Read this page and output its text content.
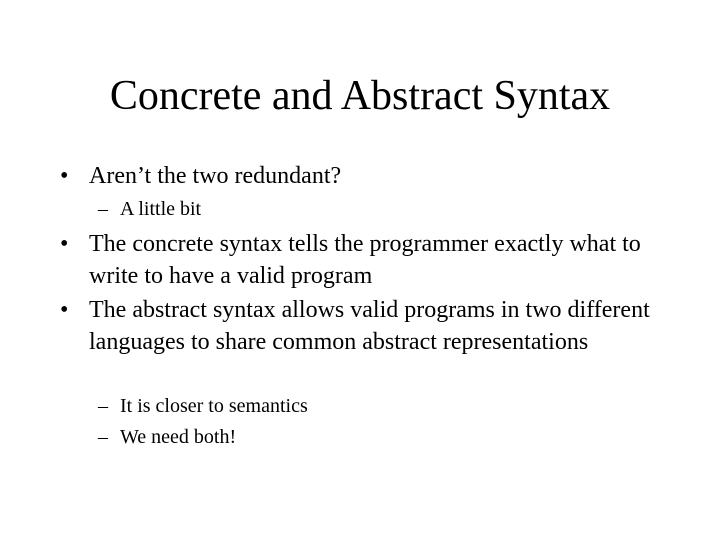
Concrete and Abstract Syntax
• Aren’t the two redundant?
– A little bit
• The concrete syntax tells the programmer exactly what to write to have a valid program
• The abstract syntax allows valid programs in two different languages to share common abstract representations
– It is closer to semantics
– We need both!
